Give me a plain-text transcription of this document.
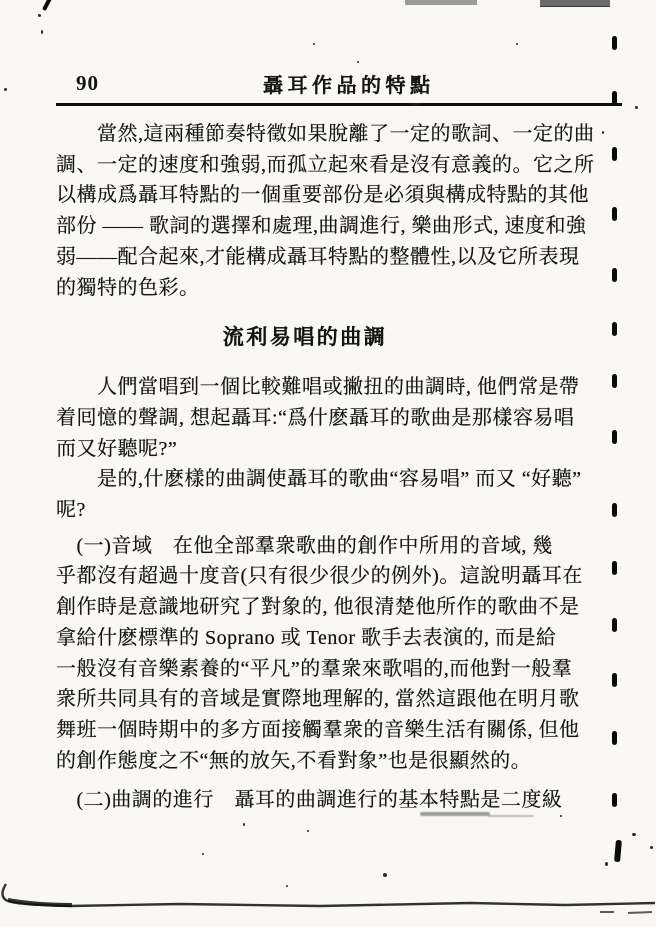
90	聶耳作品的特點
　　當然,這兩種節奏特徵如果脫離了一定的歌詞、一定的曲
調、一定的速度和強弱,而孤立起來看是沒有意義的。它之所
以構成爲聶耳特點的一個重要部份是必須與構成特點的其他
部份 —— 歌詞的選擇和處理,曲調進行, 樂曲形式, 速度和強
弱——配合起來,才能構成聶耳特點的整體性,以及它所表現
的獨特的色彩。
流利易唱的曲調
　　人們當唱到一個比較難唱或撇扭的曲調時, 他們常是帶
着囘憶的聲調, 想起聶耳:“爲什麽聶耳的歌曲是那樣容易唱
而又好聽呢?”
　　是的,什麽樣的曲調使聶耳的歌曲“容易唱” 而又 “好聽”
呢?
　(一)音域　在他全部羣衆歌曲的創作中所用的音域, 幾
乎都沒有超過十度音(只有很少很少的例外)。這說明聶耳在
創作時是意識地研究了對象的, 他很清楚他所作的歌曲不是
拿給什麽標準的 Soprano 或 Tenor 歌手去表演的, 而是給
一般沒有音樂素養的“平凡”的羣衆來歌唱的,而他對一般羣
衆所共同具有的音域是實際地理解的, 當然這跟他在明月歌
舞班一個時期中的多方面接觸羣衆的音樂生活有關係, 但他
的創作態度之不“無的放矢,不看對象”也是很顯然的。
　(二)曲調的進行　聶耳的曲調進行的基本特點是二度級
